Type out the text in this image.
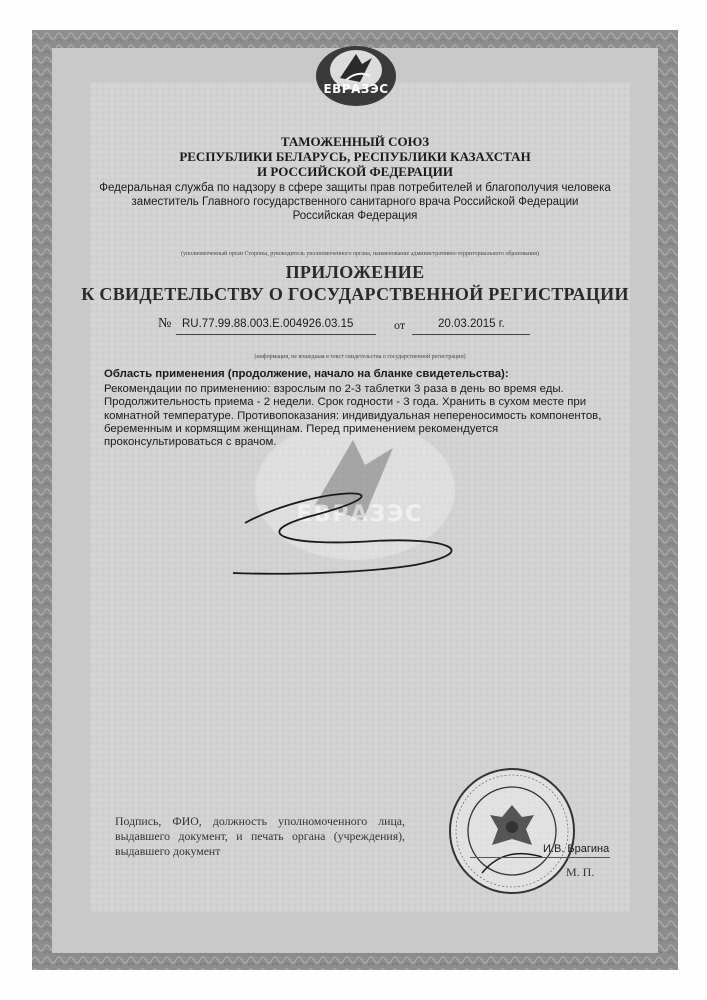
ЕВРАЗЭС
ТАМОЖЕННЫЙ СОЮЗ
РЕСПУБЛИКИ БЕЛАРУСЬ, РЕСПУБЛИКИ КАЗАХСТАН
И РОССИЙСКОЙ ФЕДЕРАЦИИ
Федеральная служба по надзору в сфере защиты прав потребителей и благополучия человека
заместитель Главного государственного санитарного врача Российской Федерации
Российская Федерация
(уполномоченный орган Стороны, руководитель уполномоченного органа, наименование административно-территориального образования)
ПРИЛОЖЕНИЕ
К СВИДЕТЕЛЬСТВУ О ГОСУДАРСТВЕННОЙ РЕГИСТРАЦИИ
№ RU.77.99.88.003.E.004926.03.15	от	20.03.2015 г.
(информация, не вошедшая в текст свидетельства о государственной регистрации)
ЕВРАЗЭС
Область применения (продолжение, начало на бланке свидетельства):
Рекомендации по применению: взрослым по 2-3 таблетки 3 раза в день во время еды. Продолжительность приема - 2 недели. Срок годности - 3 года. Хранить в сухом месте при комнатной температуре. Противопоказания: индивидуальная непереносимость компонентов, беременным и кормящим женщинам. Перед применением рекомендуется проконсультироваться с врачом.
Подпись, ФИО, должность уполномоченного лица, выдавшего документ, и печать органа (учреждения), выдавшего документ	И.В. Брагина
М. П.
